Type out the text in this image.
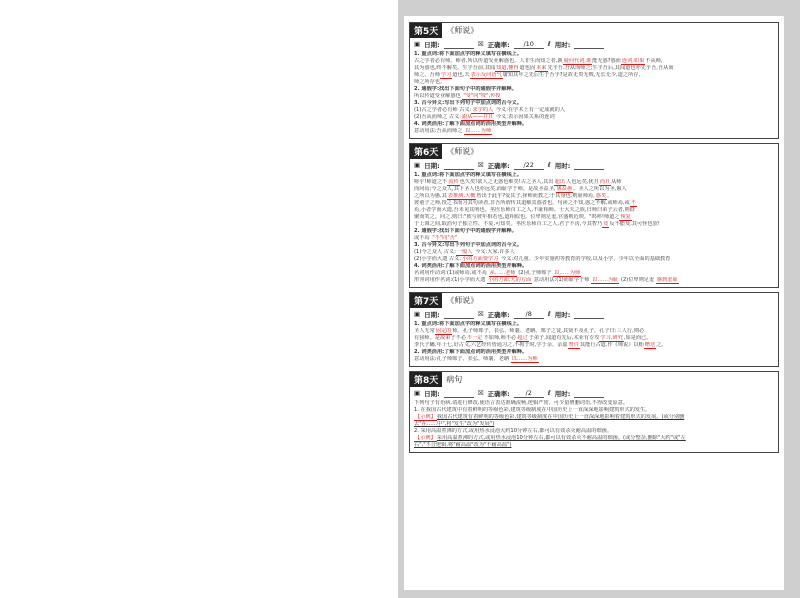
第5天	《师说》
▣ 日期:	☒ 正确率:	/10	ℓ 用时:
1. 重点词:将下面加点字的释义填写在横线上。
古之学者必有师。师者,所以传道受业解惑也。人非生而知之者,孰疑问代词,谁能无惑?惑而连词,如果不从师,
其为惑也,终不解矣。生乎吾前,其闻知道,懂得道也固本来先乎吾,吾从而师之;生乎吾后,其闻道也亦先乎吾,吾从而
师之。吾师学习道也,夫表示反问语气庸知其年之先后生于吾乎?是故无贵无贱,无长无少,道之所存,
师之所存也。
2. 通假字:找出下面句子中的通假字并解释。
所以传道受业解惑也 "受"同"授",传授
3. 古今异义:写出下列句子中加点词的古今义。
(1)古之学者必有师 古义:求学的人 今义:在学术上有一定成就的人
(2)吾从而师之 古义:跟从——并且 今义:表示因果关系的连词
4. 词类活用:了解下面加点词的活用类型并解释。
意动用法:吾从而师之 以……为师
第6天	《师说》
▣ 日期:	☒ 正确率:	/22	ℓ 用时:
1. 重点词:将下面加点字的释义填写在横线上。
嗟乎!师道之不流传也久矣!欲人之无惑也难矣!古之圣人,其出超出人也远矣,犹且尚且从师
而问焉;今之众人,其下圣人也亦远矣,而耻学于师。是故圣益圣,愚益愚。圣人之所以为圣,愚人
之所以为愚,其表推测,大概皆出于此乎?爱其子,择师而教之;于其身也,则耻师焉,惑矣。
彼童子之师,授之书而习其句读者,非吾所谓传其道解其惑者也。句读之不知,惑之不解,或师焉,或不
焉,小者学而大遗,吾未见其明也。巫医乐师百工之人,不耻相师。士大夫之族,曰师曰弟子云者,则群
聚而笑之。问之,则曰:"彼与彼年相若也,道相似也。位卑则足羞,官盛则近谀。"呜呼!师道之恢复
于上调之间,取消句子独立性。不复,可知矣。巫医乐师百工之人,君子不齿,今其智乃竟反不能及,其可怪也欤!
2. 通假字:找出下面句子中的通假字并解释。
或不焉 "不"同"否"
3. 古今异义:写出下列句子中加点词的古今义。
(1)今之众人 古义:一般人 今义:大家,许多人
(2)小学而大遗 古义:小的方面要学习 今义:对儿童、少年实施初等教育的学校,以及小学、少年以全面的基础教育
4. 词类活用:了解下面加点词的活用类型并解释。
名词用作动词:(1)或师焉,或不焉 从……老师 (2)孔子师郯子 以……为师
形容词用作名词:(1)小学而大遗 小的方面,大的方面 意动用法:(1)而耻学于师 以……为耻 (2)位卑则足羞 感到羞耻
第7天	《师说》
▣ 日期:	☒ 正确率:	/8	ℓ 用时:
1. 重点词:将下面加点字的释义填写在横线上。
圣人无常固定的师。孔子师郯子、苌弘、师襄、老聃。郯子之徒,其贤不及孔子。孔子曰:三人行,则必
有我师。是故弟子不必不一定不如师,师不必超过于弟子,闻道有先后,术业有专攻学习,研究,如是而已。
李氏子蟠,年十七,好古文,六艺经传皆通习之,不拘于时,学于余。余嘉赞许其能行古道,作《师说》以贻赠送之。
2. 词类活用:了解下面加点词的活用类型并解释。
意动用法:孔子师郯子、苌弘、师襄、老聃 以……为师
第8天	病句
▣ 日期:	☒ 正确率:	/2	ℓ 用时:
下列句子有语病,请进行修改,使语言表达准确流畅,逻辑严密。可少量增删词语,不得改变原意。
1. 在我国古代建筑中有着鲜明的等级色彩,建筑等级制度在中国历史上一直深深地影响建筑形式的发生。
【示例】我国古代建筑有着鲜明的等级色彩,建筑等级制度在中国历史上一直深深地影响着建筑形式的发展。(或分别删
去"在……中",将"发生"改为"发展")
2. 采用高温煮沸的方式,或用热水浸泡大约10分钟左右,都可以有效杀灭耐高温的细菌。
【示例】采用高温煮沸的方式,或用热水浸泡10分钟左右,都可以有效杀灭不耐高温的细菌。(或分整杂,删除"大约"或"左
右","不合逻辑,将"耐高温"改为"不耐高温")
